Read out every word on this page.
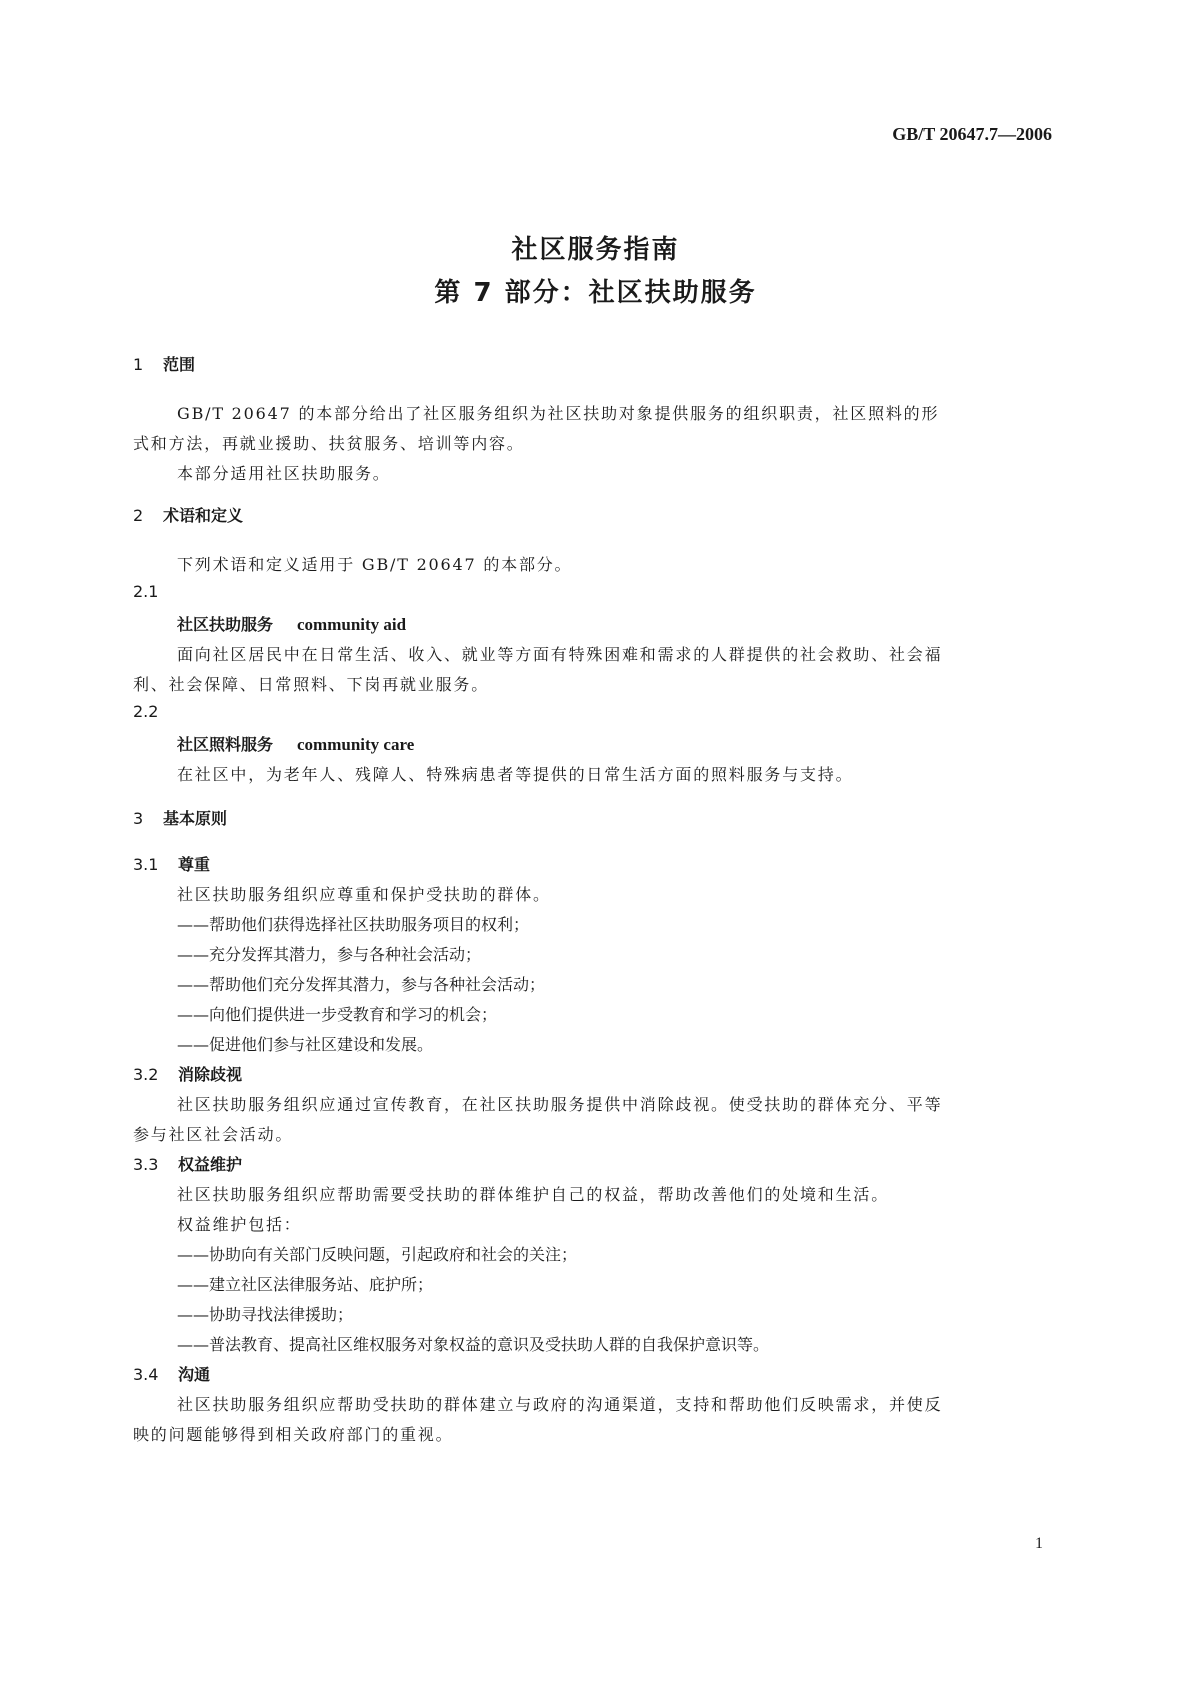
GB/T 20647.7—2006
社区服务指南
第 7 部分：社区扶助服务
1 范围
GB/T 20647 的本部分给出了社区服务组织为社区扶助对象提供服务的组织职责，社区照料的形
式和方法，再就业援助、扶贫服务、培训等内容。
本部分适用社区扶助服务。
2 术语和定义
下列术语和定义适用于 GB/T 20647 的本部分。
2.1
社区扶助服务 community aid
面向社区居民中在日常生活、收入、就业等方面有特殊困难和需求的人群提供的社会救助、社会福
利、社会保障、日常照料、下岗再就业服务。
2.2
社区照料服务 community care
在社区中，为老年人、残障人、特殊病患者等提供的日常生活方面的照料服务与支持。
3 基本原则
3.1 尊重
社区扶助服务组织应尊重和保护受扶助的群体。
——帮助他们获得选择社区扶助服务项目的权利；
——充分发挥其潜力，参与各种社会活动；
——帮助他们充分发挥其潜力，参与各种社会活动；
——向他们提供进一步受教育和学习的机会；
——促进他们参与社区建设和发展。
3.2 消除歧视
社区扶助服务组织应通过宣传教育，在社区扶助服务提供中消除歧视。使受扶助的群体充分、平等
参与社区社会活动。
3.3 权益维护
社区扶助服务组织应帮助需要受扶助的群体维护自己的权益，帮助改善他们的处境和生活。
权益维护包括：
——协助向有关部门反映问题，引起政府和社会的关注；
——建立社区法律服务站、庇护所；
——协助寻找法律援助；
——普法教育、提高社区维权服务对象权益的意识及受扶助人群的自我保护意识等。
3.4 沟通
社区扶助服务组织应帮助受扶助的群体建立与政府的沟通渠道，支持和帮助他们反映需求，并使反
映的问题能够得到相关政府部门的重视。
1
